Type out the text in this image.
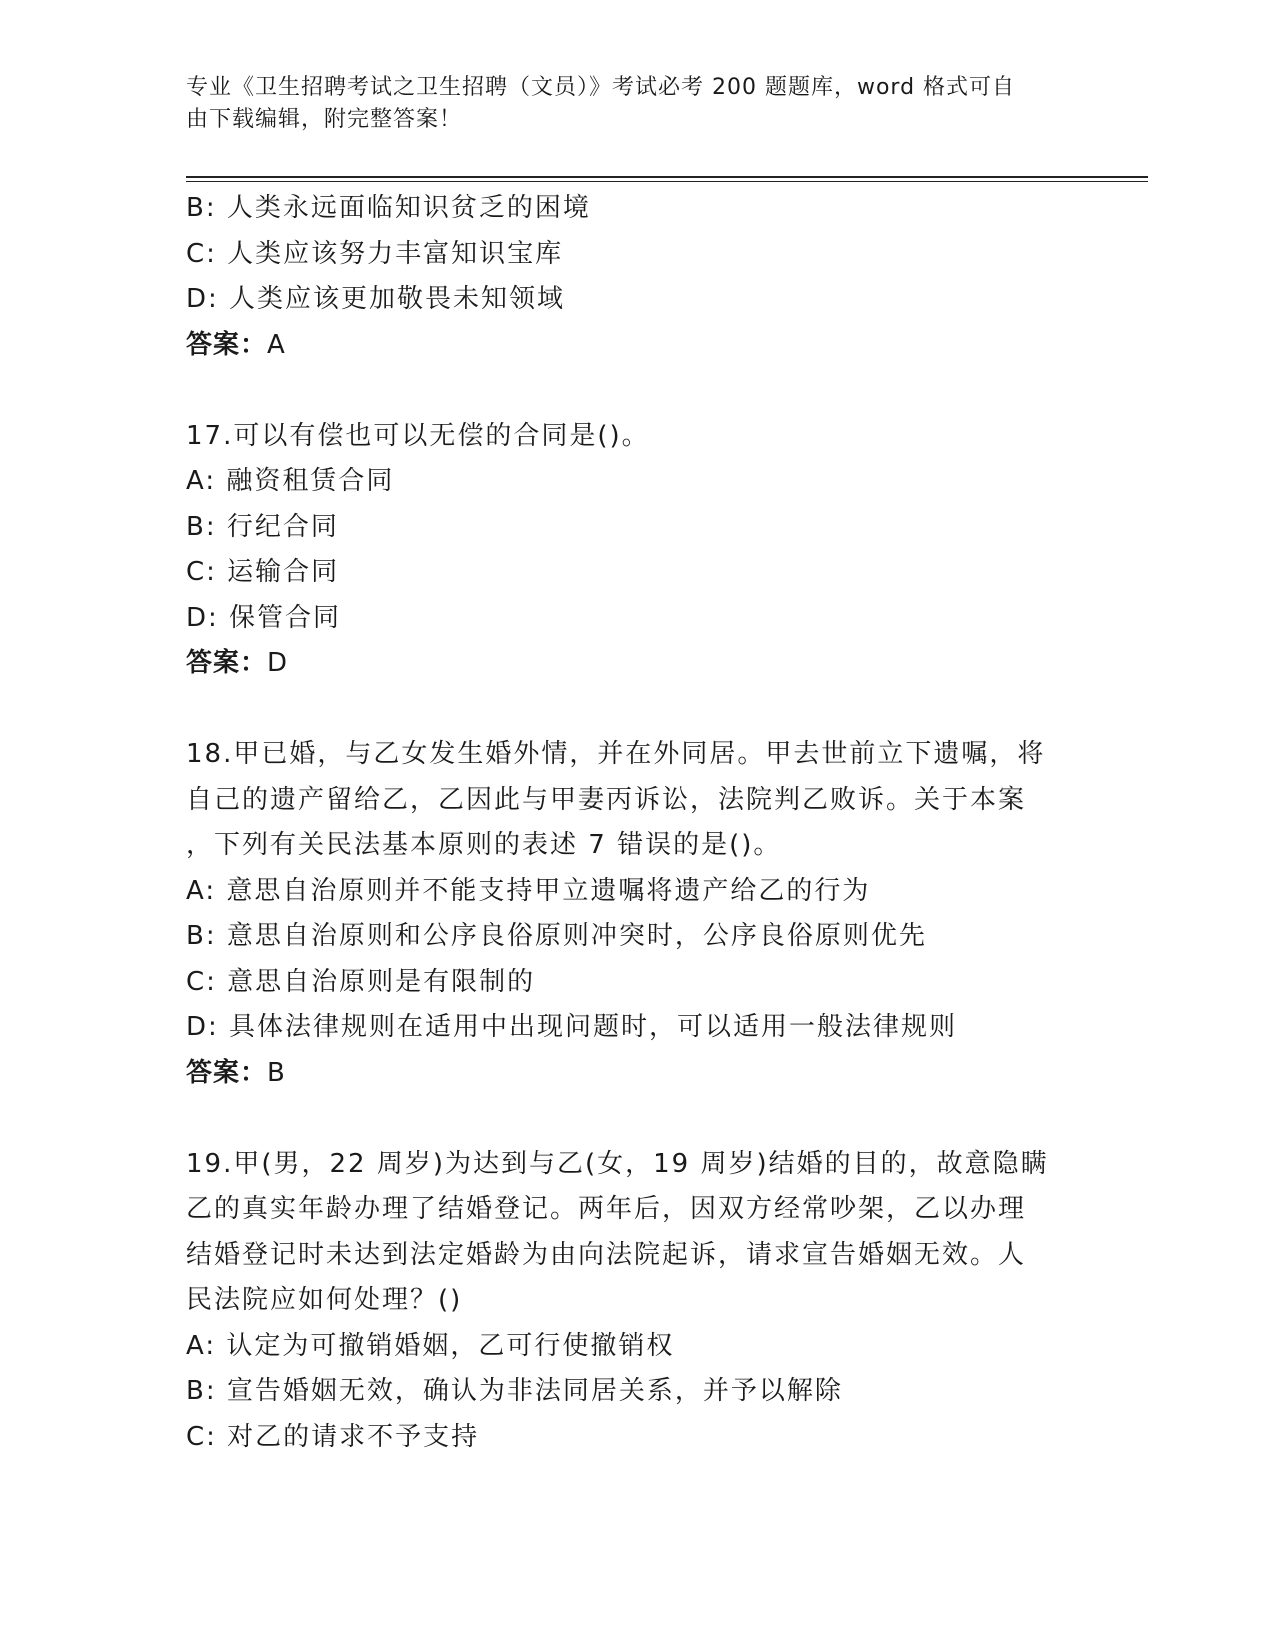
专业《卫生招聘考试之卫生招聘（文员）》考试必考 200 题题库，word 格式可自
由下载编辑，附完整答案！
B: 人类永远面临知识贫乏的困境
C: 人类应该努力丰富知识宝库
D: 人类应该更加敬畏未知领域
答案：A
17.可以有偿也可以无偿的合同是()。
A: 融资租赁合同
B: 行纪合同
C: 运输合同
D: 保管合同
答案：D
18.甲已婚，与乙女发生婚外情，并在外同居。甲去世前立下遗嘱，将
自己的遗产留给乙，乙因此与甲妻丙诉讼，法院判乙败诉。关于本案
，下列有关民法基本原则的表述 7 错误的是()。
A: 意思自治原则并不能支持甲立遗嘱将遗产给乙的行为
B: 意思自治原则和公序良俗原则冲突时，公序良俗原则优先
C: 意思自治原则是有限制的
D: 具体法律规则在适用中出现问题时，可以适用一般法律规则
答案：B
19.甲(男，22 周岁)为达到与乙(女，19 周岁)结婚的目的，故意隐瞒
乙的真实年龄办理了结婚登记。两年后，因双方经常吵架，乙以办理
结婚登记时未达到法定婚龄为由向法院起诉，请求宣告婚姻无效。人
民法院应如何处理？()
A: 认定为可撤销婚姻，乙可行使撤销权
B: 宣告婚姻无效，确认为非法同居关系，并予以解除
C: 对乙的请求不予支持
